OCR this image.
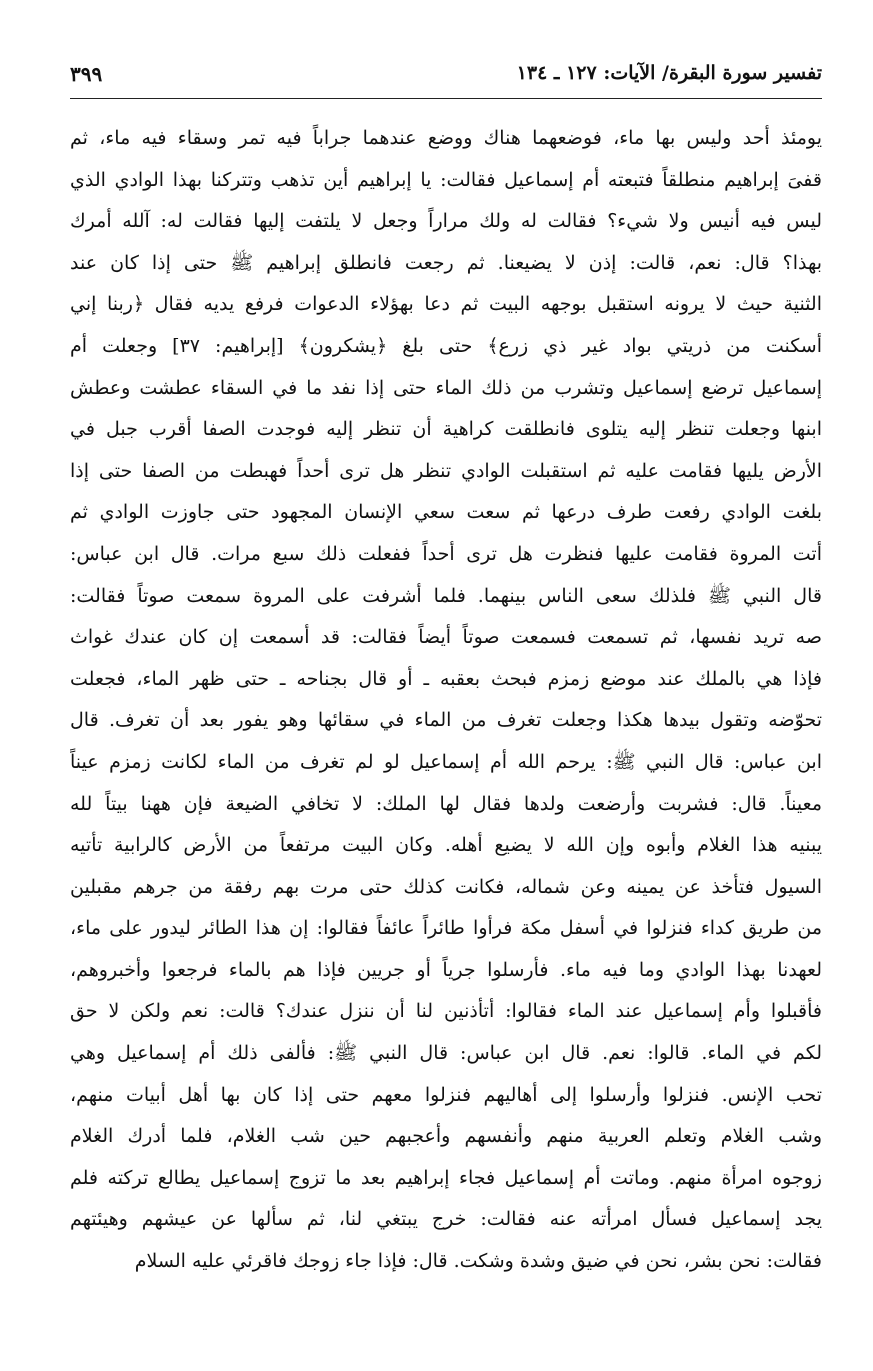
تفسير سورة البقرة/ الآيات: ١٢٧ ـ ١٣٤
٣٩٩
يومئذ أحد وليس بها ماء، فوضعهما هناك ووضع عندهما جراباً فيه تمر وسقاء فيه ماء، ثم
قفىَ إبراهيم منطلقاً فتبعته أم إسماعيل فقالت: يا إبراهيم أين تذهب وتتركنا بهذا الوادي الذي
ليس فيه أنيس ولا شيء؟ فقالت له ولك مراراً وجعل لا يلتفت إليها فقالت له: آلله أمرك
بهذا؟ قال: نعم، قالت: إذن لا يضيعنا. ثم رجعت فانطلق إبراهيم ﷺ حتى إذا كان عند
الثنية حيث لا يرونه استقبل بوجهه البيت ثم دعا بهؤلاء الدعوات فرفع يديه فقال ﴿ربنا إني
أسكنت من ذريتي بواد غير ذي زرع﴾ حتى بلغ ﴿يشكرون﴾ [إبراهيم: ٣٧] وجعلت أم
إسماعيل ترضع إسماعيل وتشرب من ذلك الماء حتى إذا نفد ما في السقاء عطشت وعطش
ابنها وجعلت تنظر إليه يتلوى فانطلقت كراهية أن تنظر إليه فوجدت الصفا أقرب جبل في
الأرض يليها فقامت عليه ثم استقبلت الوادي تنظر هل ترى أحداً فهبطت من الصفا حتى إذا
بلغت الوادي رفعت طرف درعها ثم سعت سعي الإنسان المجهود حتى جاوزت الوادي ثم
أتت المروة فقامت عليها فنظرت هل ترى أحداً ففعلت ذلك سبع مرات. قال ابن عباس:
قال النبي ﷺ فلذلك سعى الناس بينهما. فلما أشرفت على المروة سمعت صوتاً فقالت:
صه تريد نفسها، ثم تسمعت فسمعت صوتاً أيضاً فقالت: قد أسمعت إن كان عندك غواث
فإذا هي بالملك عند موضع زمزم فبحث بعقبه ـ أو قال بجناحه ـ حتى ظهر الماء، فجعلت
تحوّضه وتقول بيدها هكذا وجعلت تغرف من الماء في سقائها وهو يفور بعد أن تغرف. قال
ابن عباس: قال النبي ﷺ: يرحم الله أم إسماعيل لو لم تغرف من الماء لكانت زمزم عيناً
معيناً. قال: فشربت وأرضعت ولدها فقال لها الملك: لا تخافي الضيعة فإن ههنا بيتاً لله
يبنيه هذا الغلام وأبوه وإن الله لا يضيع أهله. وكان البيت مرتفعاً من الأرض كالرابية تأتيه
السيول فتأخذ عن يمينه وعن شماله، فكانت كذلك حتى مرت بهم رفقة من جرهم مقبلين
من طريق كداء فنزلوا في أسفل مكة فرأوا طائراً عائفاً فقالوا: إن هذا الطائر ليدور على ماء،
لعهدنا بهذا الوادي وما فيه ماء. فأرسلوا جرياً أو جريين فإذا هم بالماء فرجعوا وأخبروهم،
فأقبلوا وأم إسماعيل عند الماء فقالوا: أتأذنين لنا أن ننزل عندك؟ قالت: نعم ولكن لا حق
لكم في الماء. قالوا: نعم. قال ابن عباس: قال النبي ﷺ: فألفى ذلك أم إسماعيل وهي
تحب الإنس. فنزلوا وأرسلوا إلى أهاليهم فنزلوا معهم حتى إذا كان بها أهل أبيات منهم،
وشب الغلام وتعلم العربية منهم وأنفسهم وأعجبهم حين شب الغلام، فلما أدرك الغلام
زوجوه امرأة منهم. وماتت أم إسماعيل فجاء إبراهيم بعد ما تزوج إسماعيل يطالع تركته فلم
يجد إسماعيل فسأل امرأته عنه فقالت: خرج يبتغي لنا، ثم سألها عن عيشهم وهيئتهم
فقالت: نحن بشر، نحن في ضيق وشدة وشكت. قال: فإذا جاء زوجك فاقرئي عليه السلام
